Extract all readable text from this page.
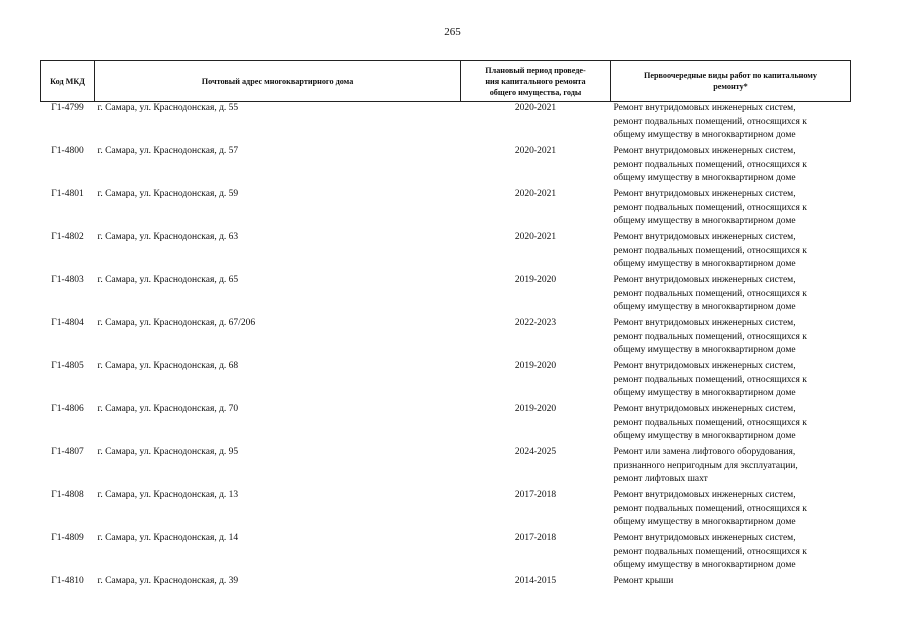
265
Код МКД	Почтовый адрес многоквартирного дома	Плановый период проведе-
ния капитального ремонта
общего имущества, годы	Первоочередные виды работ по капитальному
ремонту*

Г1-4799	г. Самара, ул. Краснодонская, д. 55	2020-2021	Ремонт внутридомовых инженерных систем,
ремонт подвальных помещений, относящихся к
общему имуществу в многоквартирном доме

Г1-4800	г. Самара, ул. Краснодонская, д. 57	2020-2021	Ремонт внутридомовых инженерных систем,
ремонт подвальных помещений, относящихся к
общему имуществу в многоквартирном доме

Г1-4801	г. Самара, ул. Краснодонская, д. 59	2020-2021	Ремонт внутридомовых инженерных систем,
ремонт подвальных помещений, относящихся к
общему имуществу в многоквартирном доме

Г1-4802	г. Самара, ул. Краснодонская, д. 63	2020-2021	Ремонт внутридомовых инженерных систем,
ремонт подвальных помещений, относящихся к
общему имуществу в многоквартирном доме

Г1-4803	г. Самара, ул. Краснодонская, д. 65	2019-2020	Ремонт внутридомовых инженерных систем,
ремонт подвальных помещений, относящихся к
общему имуществу в многоквартирном доме

Г1-4804	г. Самара, ул. Краснодонская, д. 67/206	2022-2023	Ремонт внутридомовых инженерных систем,
ремонт подвальных помещений, относящихся к
общему имуществу в многоквартирном доме

Г1-4805	г. Самара, ул. Краснодонская, д. 68	2019-2020	Ремонт внутридомовых инженерных систем,
ремонт подвальных помещений, относящихся к
общему имуществу в многоквартирном доме

Г1-4806	г. Самара, ул. Краснодонская, д. 70	2019-2020	Ремонт внутридомовых инженерных систем,
ремонт подвальных помещений, относящихся к
общему имуществу в многоквартирном доме

Г1-4807	г. Самара, ул. Краснодонская, д. 95	2024-2025	Ремонт или замена лифтового оборудования,
признанного непригодным для эксплуатации,
ремонт лифтовых шахт

Г1-4808	г. Самара, ул. Краснодонская, д. 13	2017-2018	Ремонт внутридомовых инженерных систем,
ремонт подвальных помещений, относящихся к
общему имуществу в многоквартирном доме

Г1-4809	г. Самара, ул. Краснодонская, д. 14	2017-2018	Ремонт внутридомовых инженерных систем,
ремонт подвальных помещений, относящихся к
общему имуществу в многоквартирном доме

Г1-4810	г. Самара, ул. Краснодонская, д. 39	2014-2015	Ремонт крыши
